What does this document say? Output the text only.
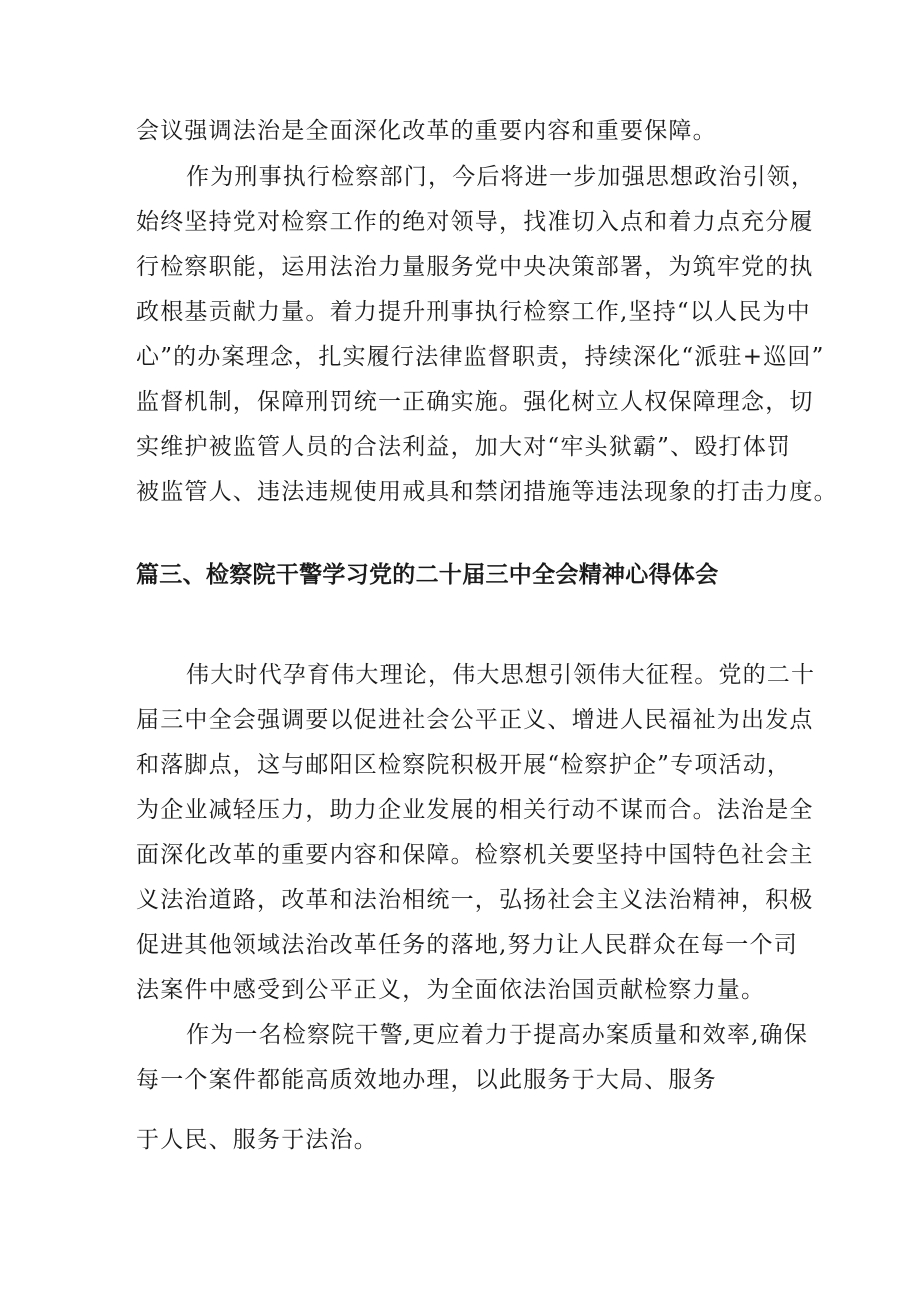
会议强调法治是全面深化改革的重要内容和重要保障。
作为刑事执行检察部门，今后将进一步加强思想政治引领，
始终坚持党对检察工作的绝对领导，找准切入点和着力点充分履
行检察职能，运用法治力量服务党中央决策部署，为筑牢党的执
政根基贡献力量。着力提升刑事执行检察工作,坚持“以人民为中
心”的办案理念，扎实履行法律监督职责，持续深化“派驻+巡回”
监督机制，保障刑罚统一正确实施。强化树立人权保障理念，切
实维护被监管人员的合法利益，加大对“牢头狱霸”、殴打体罚
被监管人、违法违规使用戒具和禁闭措施等违法现象的打击力度。
篇三、检察院干警学习党的二十届三中全会精神心得体会
伟大时代孕育伟大理论，伟大思想引领伟大征程。党的二十
届三中全会强调要以促进社会公平正义、增进人民福祉为出发点
和落脚点，这与邮阳区检察院积极开展“检察护企”专项活动，
为企业减轻压力，助力企业发展的相关行动不谋而合。法治是全
面深化改革的重要内容和保障。检察机关要坚持中国特色社会主
义法治道路，改革和法治相统一，弘扬社会主义法治精神，积极
促进其他领域法治改革任务的落地,努力让人民群众在每一个司
法案件中感受到公平正义，为全面依法治国贡献检察力量。
作为一名检察院干警,更应着力于提高办案质量和效率,确保
每一个案件都能高质效地办理，以此服务于大局、服务
于人民、服务于法治。
